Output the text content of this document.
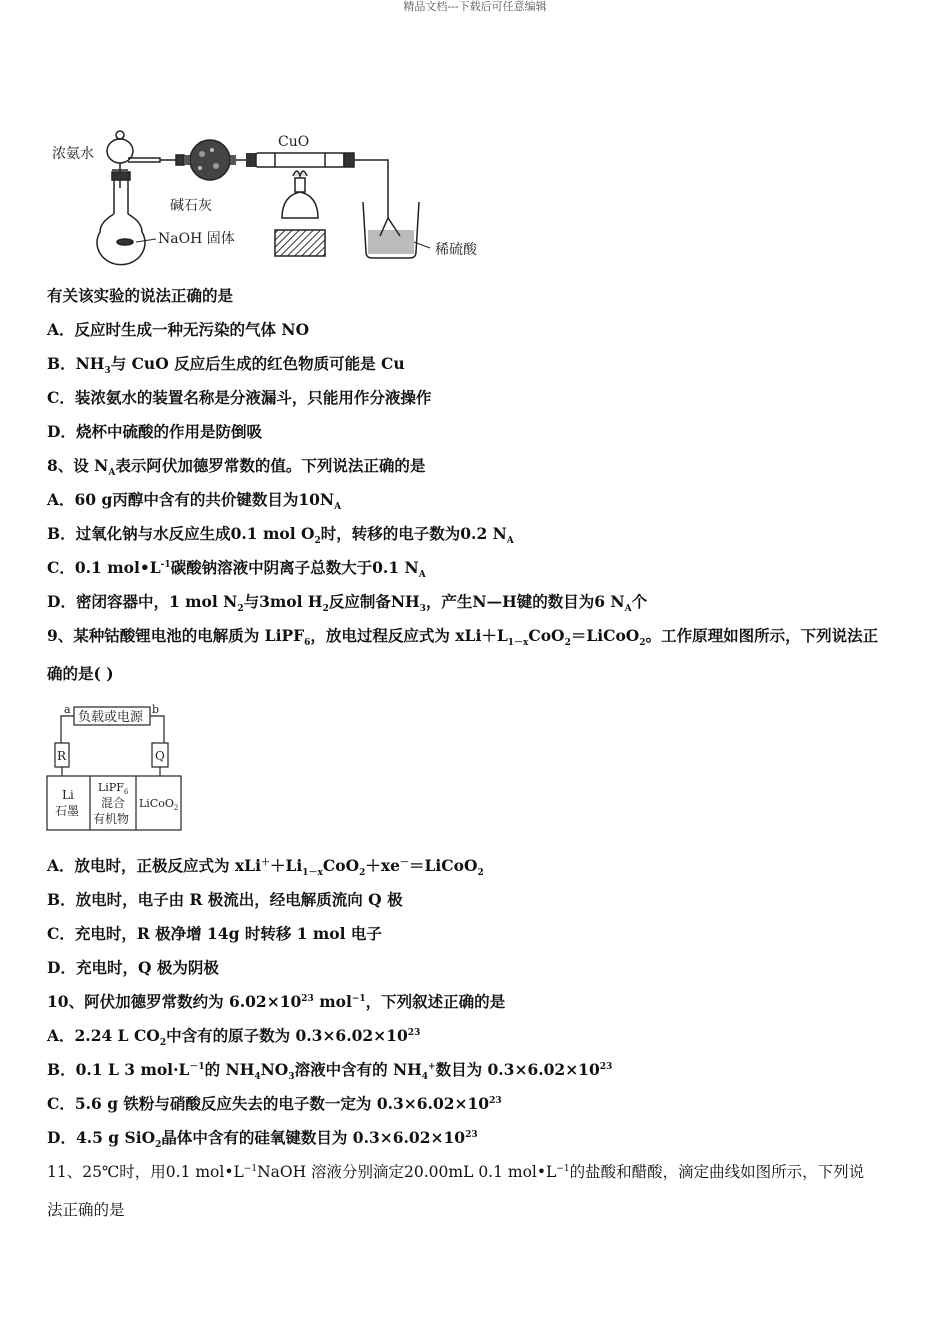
精品文档---下载后可任意编辑
浓氨水
碱石灰
CuO
NaOH 固体
稀硫酸
有关该实验的说法正确的是
A．反应时生成一种无污染的气体 NO
B．$NH_3$与 CuO 反应后生成的红色物质可能是 Cu
C．装浓氨水的装置名称是分液漏斗，只能用作分液操作
D．烧杯中硫酸的作用是防倒吸
8、设 $N_A$表示阿伏加德罗常数的值。下列说法正确的是
A．60 g丙醇中含有的共价键数目为$10N_A$
B．过氧化钠与水反应生成0.1 mol $O_2$时，转移的电子数为0.2 $N_A$
C．0.1 $mol•L^{-1}$碳酸钠溶液中阴离子总数大于0.1 $N_A$
D．密闭容器中，1 mol $N_2$与3mol $H_2$反应制备$NH_3$，产生N—H键的数目为6 $N_A$个
9、某种钴酸锂电池的电解质为 LiPF$_6$，放电过程反应式为 $xLi+L_{1-x}CoO_2=LiCoO_2$。工作原理如图所示，下列说法正
确的是( )
负载或电源
a	b
R	Q
Li
石墨
LiPF$_6$
混合
有机物
LiCoO$_2$
A．放电时，正极反应式为 $xLi^++Li_{1-x}CoO_2+xe^-=LiCoO_2$
B．放电时，电子由 R 极流出，经电解质流向 Q 极
C．充电时，R 极净增 14g 时转移 1 mol 电子
D．充电时，Q 极为阴极
10、阿伏加德罗常数约为 $6.02\times 10^{23}$ mol$^{-1}$，下列叙述正确的是
A．2.24 L $CO_2$中含有的原子数为 $0.3\times 6.02\times 10^{23}$
B．0.1 L 3 $mol\cdot L^{-1}$的 $NH_4NO_3$溶液中含有的 $NH_4^+$数目为 $0.3\times 6.02\times 10^{23}$
C．5.6 g 铁粉与硝酸反应失去的电子数一定为 $0.3\times 6.02\times 10^{23}$
D．4.5 g SiO$_2$晶体中含有的硅氧键数目为 $0.3\times 6.02\times 10^{23}$
11、25℃时，用0.1 $mol•L^{-1}NaOH$ 溶液分别滴定20.00mL 0.1 $mol•L^{-1}$的盐酸和醋酸，滴定曲线如图所示，下列说
法正确的是
